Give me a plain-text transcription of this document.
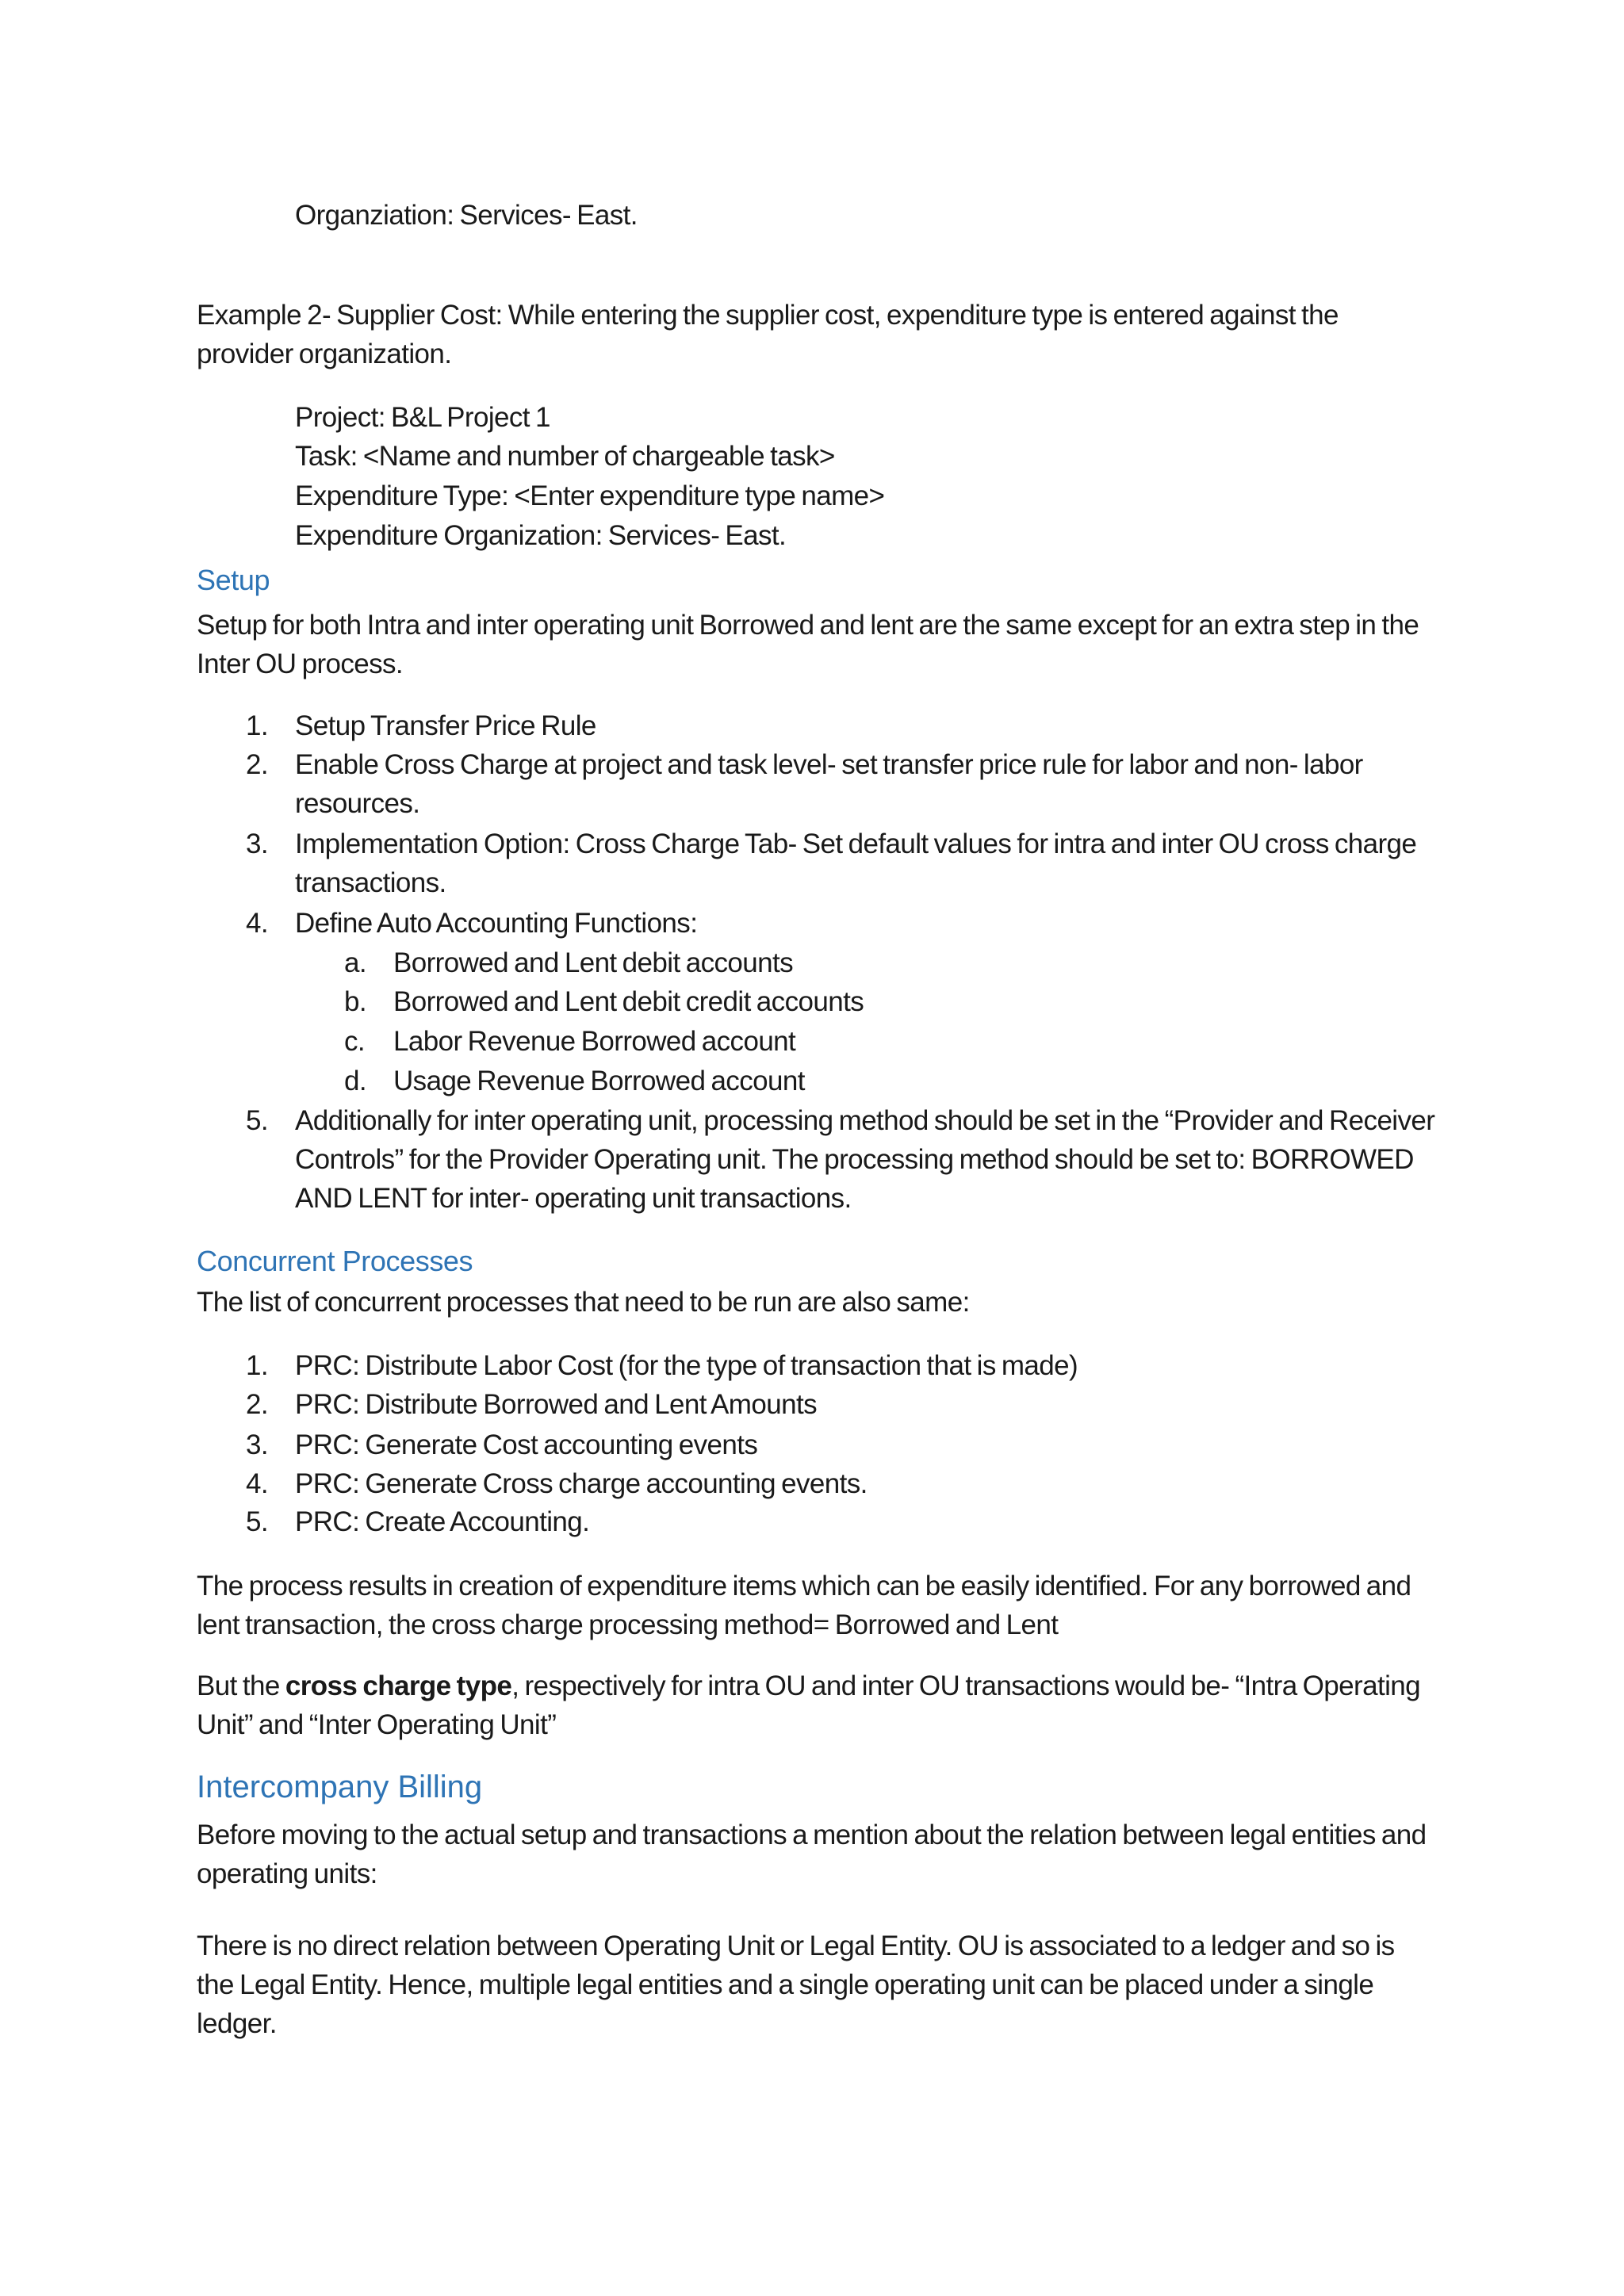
Organziation: Services- East.

Example 2- Supplier Cost: While entering the supplier cost, expenditure type is entered against the provider organization.

Project: B&L Project 1
Task: <Name and number of chargeable task>
Expenditure Type: <Enter expenditure type name>
Expenditure Organization: Services- East.
Setup

Setup for both Intra and inter operating unit Borrowed and lent are the same except for an extra step in the Inter OU process.

1. Setup Transfer Price Rule
2. Enable Cross Charge at project and task level- set transfer price rule for labor and non- labor resources.
3. Implementation Option: Cross Charge Tab- Set default values for intra and inter OU cross charge transactions.
4. Define Auto Accounting Functions:
a. Borrowed and Lent debit accounts
b. Borrowed and Lent debit credit accounts
c.	Labor Revenue Borrowed account
d. Usage Revenue Borrowed account
5. Additionally for inter operating unit, processing method should be set in the “Provider and Receiver Controls” for the Provider Operating unit. The processing method should be set to: BORROWED AND LENT for inter- operating unit transactions.
Concurrent Processes

The list of concurrent processes that need to be run are also same:

1. PRC: Distribute Labor Cost (for the type of transaction that is made)
2. PRC: Distribute Borrowed and Lent Amounts
3. PRC: Generate Cost accounting events
4. PRC: Generate Cross charge accounting events.
5. PRC: Create Accounting.

The process results in creation of expenditure items which can be easily identified. For any borrowed and lent transaction, the cross charge processing method= Borrowed and Lent

But the cross charge type, respectively for intra OU and inter OU transactions would be- “Intra Operating Unit” and “Inter Operating Unit”

Intercompany Billing

Before moving to the actual setup and transactions a mention about the relation between legal entities and operating units:

There is no direct relation between Operating Unit or Legal Entity. OU is associated to a ledger and so is the Legal Entity. Hence, multiple legal entities and a single operating unit can be placed under a single ledger.
